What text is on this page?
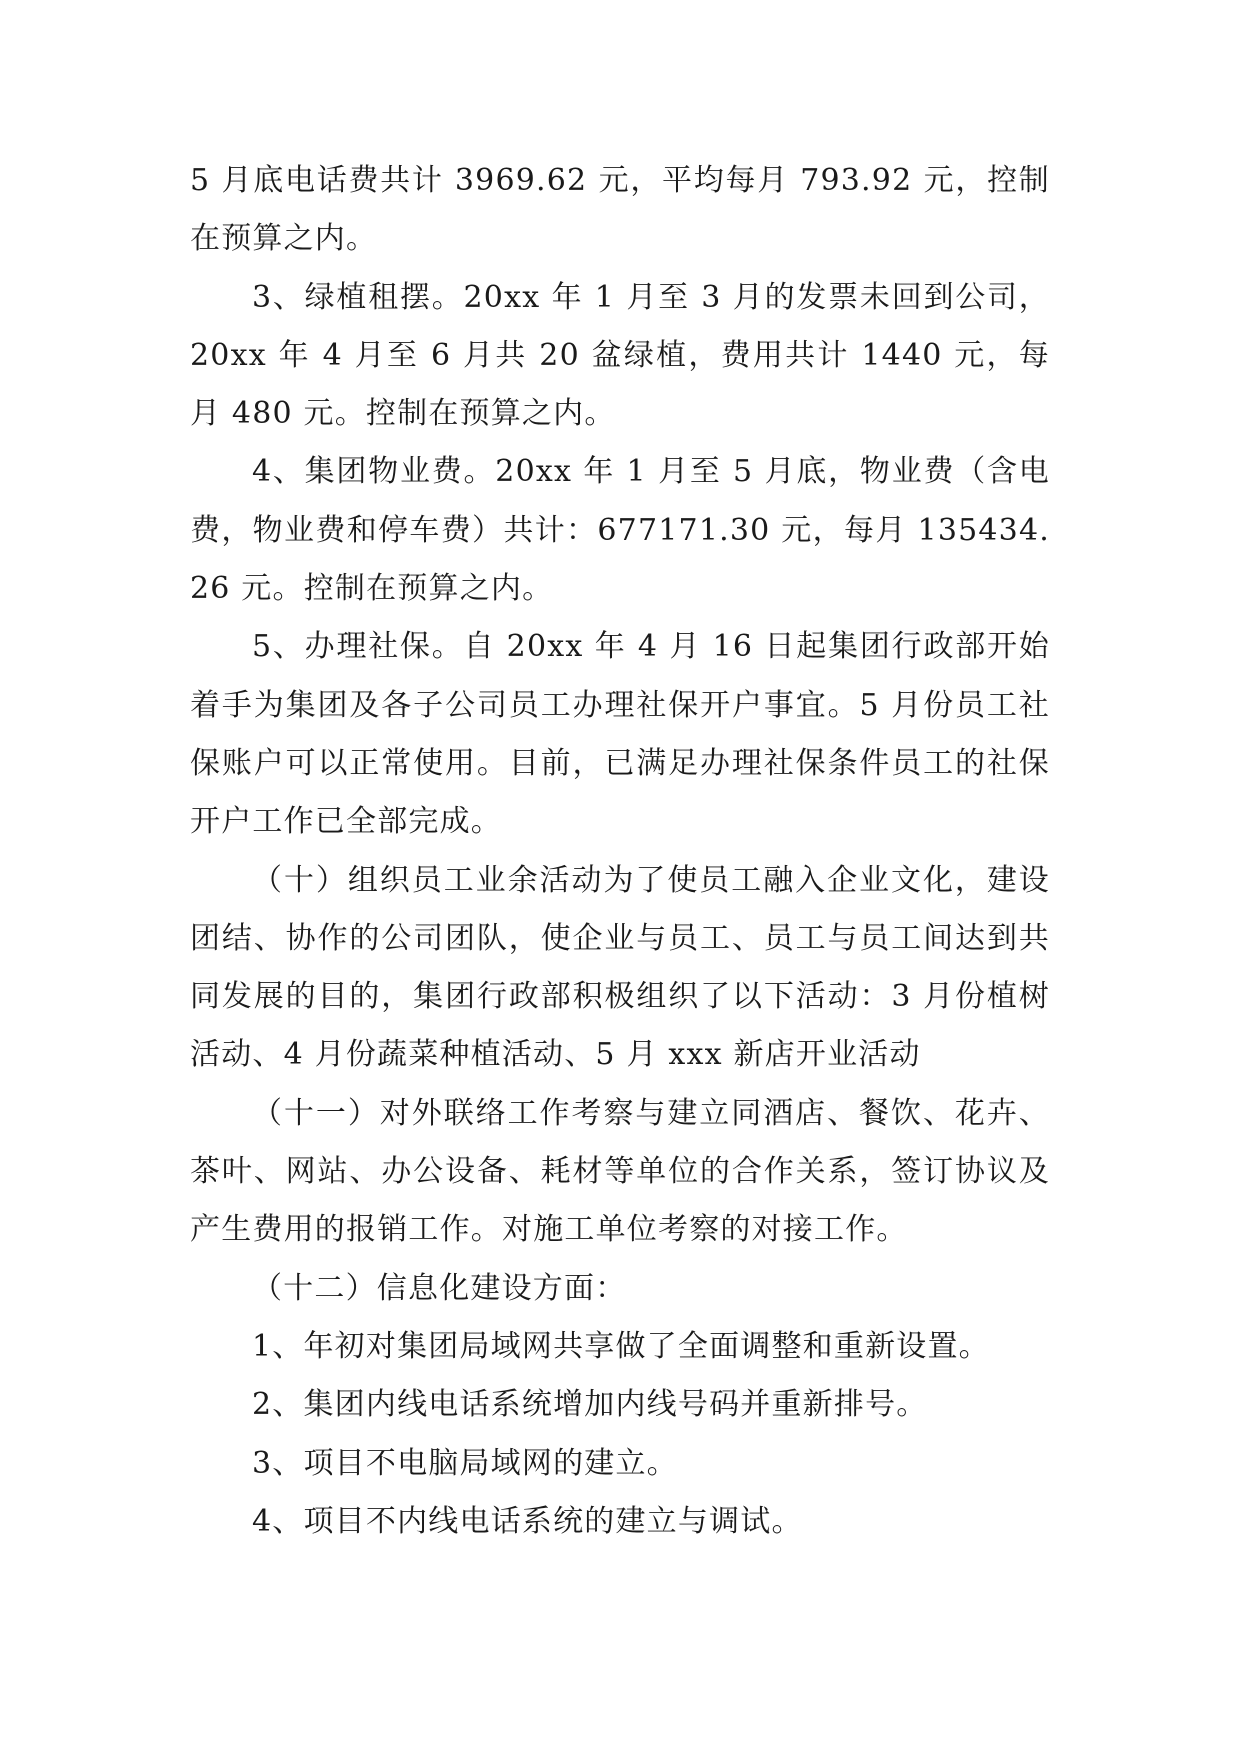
5 月底电话费共计 3969.62 元，平均每月 793.92 元，控制在预算之内。

3、绿植租摆。20xx 年 1 月至 3 月的发票未回到公司，20xx 年 4 月至 6 月共 20 盆绿植，费用共计 1440 元，每月 480 元。控制在预算之内。

4、集团物业费。20xx 年 1 月至 5 月底，物业费（含电费，物业费和停车费）共计：677171.30 元，每月 135434.26 元。控制在预算之内。

5、办理社保。自 20xx 年 4 月 16 日起集团行政部开始着手为集团及各子公司员工办理社保开户事宜。5 月份员工社保账户可以正常使用。目前，已满足办理社保条件员工的社保开户工作已全部完成。

（十）组织员工业余活动为了使员工融入企业文化，建设团结、协作的公司团队，使企业与员工、员工与员工间达到共同发展的目的，集团行政部积极组织了以下活动：3 月份植树活动、4 月份蔬菜种植活动、5 月 xxx 新店开业活动

（十一）对外联络工作考察与建立同酒店、餐饮、花卉、茶叶、网站、办公设备、耗材等单位的合作关系，签订协议及产生费用的报销工作。对施工单位考察的对接工作。

（十二）信息化建设方面：

1、年初对集团局域网共享做了全面调整和重新设置。

2、集团内线电话系统增加内线号码并重新排号。

3、项目不电脑局域网的建立。

4、项目不内线电话系统的建立与调试。
